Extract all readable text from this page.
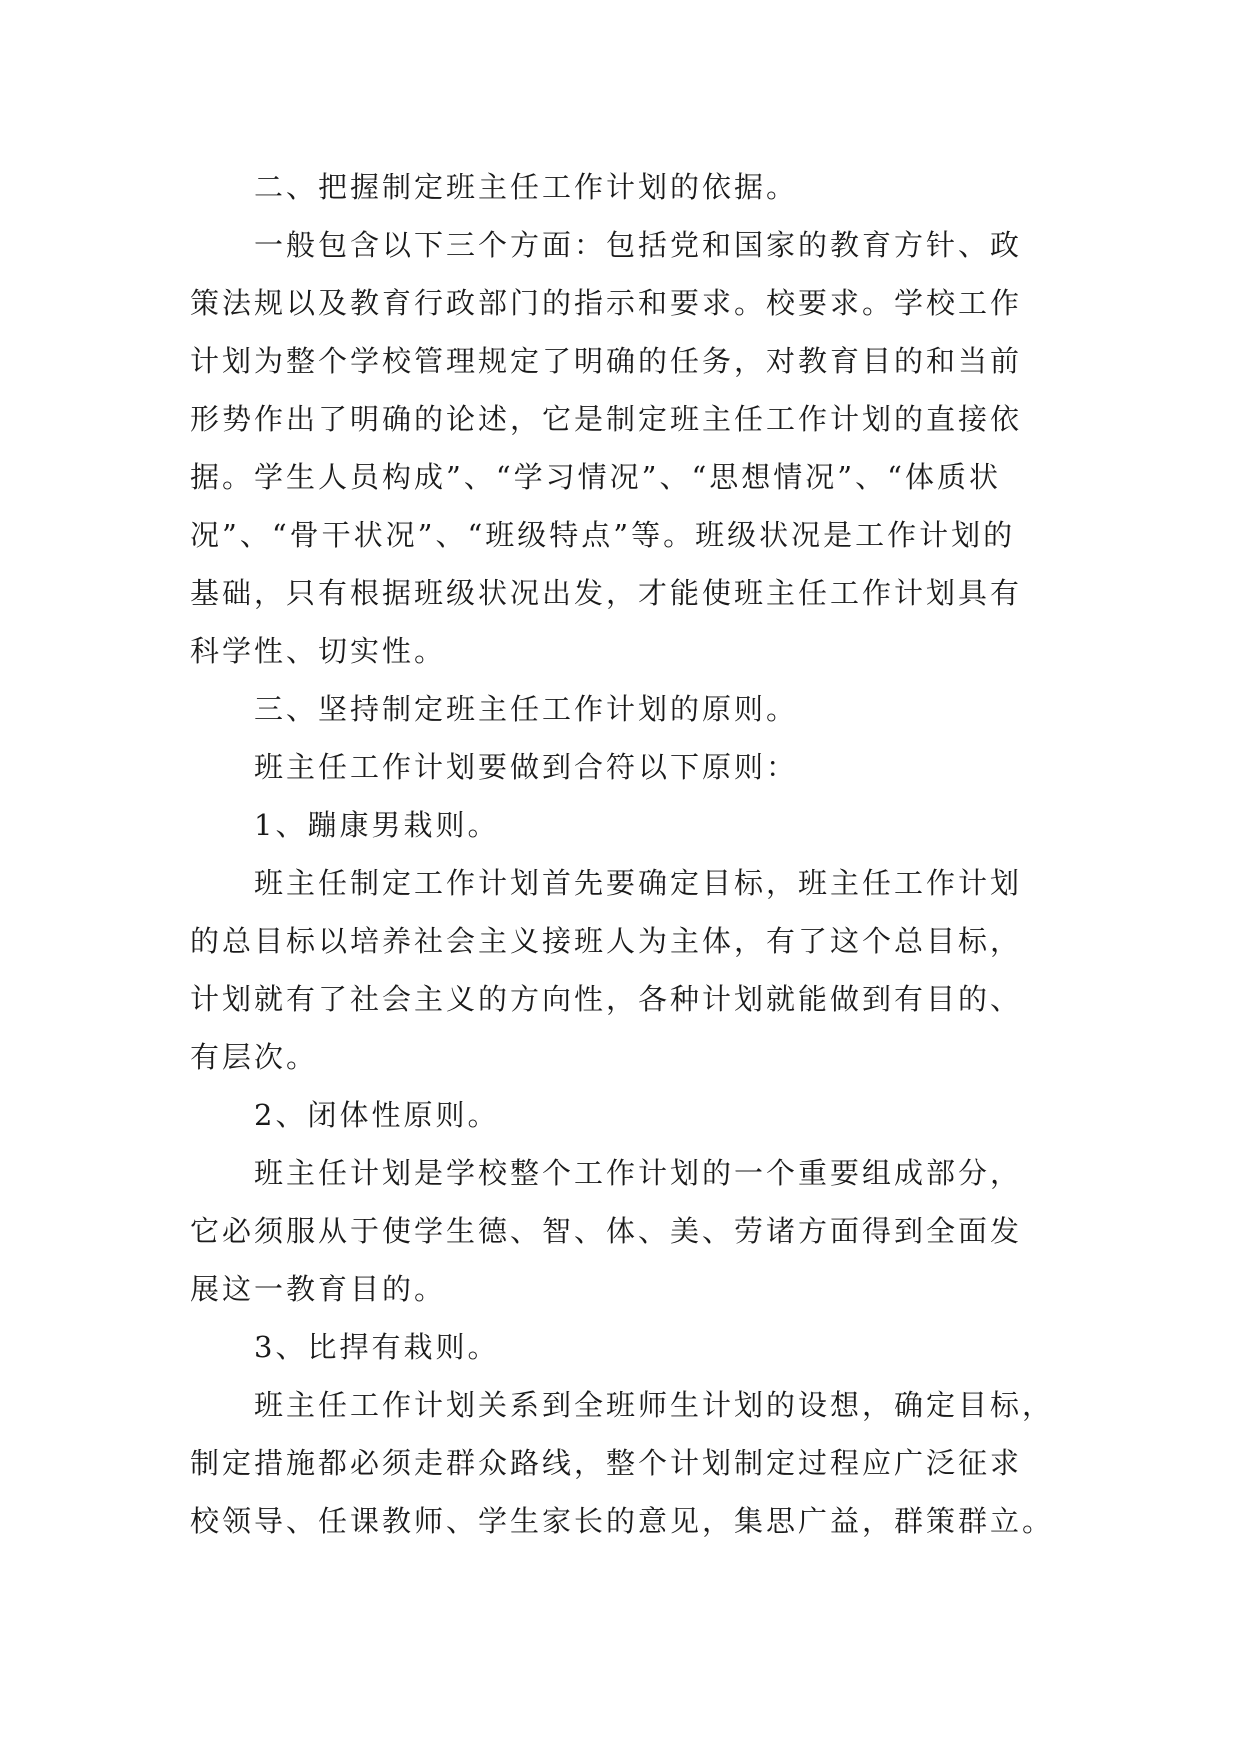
二、把握制定班主任工作计划的依据。
一般包含以下三个方面：包括党和国家的教育方针、政
策法规以及教育行政部门的指示和要求。校要求。学校工作
计划为整个学校管理规定了明确的任务，对教育目的和当前
形势作出了明确的论述，它是制定班主任工作计划的直接依
据。学生人员构成”、“学习情况”、“思想情况”、“体质状
况”、“骨干状况”、“班级特点”等。班级状况是工作计划的
基础，只有根据班级状况出发，才能使班主任工作计划具有
科学性、切实性。
三、坚持制定班主任工作计划的原则。
班主任工作计划要做到合符以下原则：
1、蹦康男栽则。
班主任制定工作计划首先要确定目标，班主任工作计划
的总目标以培养社会主义接班人为主体，有了这个总目标，
计划就有了社会主义的方向性，各种计划就能做到有目的、
有层次。
2、闭体性原则。
班主任计划是学校整个工作计划的一个重要组成部分，
它必须服从于使学生德、智、体、美、劳诸方面得到全面发
展这一教育目的。
3、比捍有栽则。
班主任工作计划关系到全班师生计划的设想，确定目标，
制定措施都必须走群众路线，整个计划制定过程应广泛征求
校领导、任课教师、学生家长的意见，集思广益，群策群立。
